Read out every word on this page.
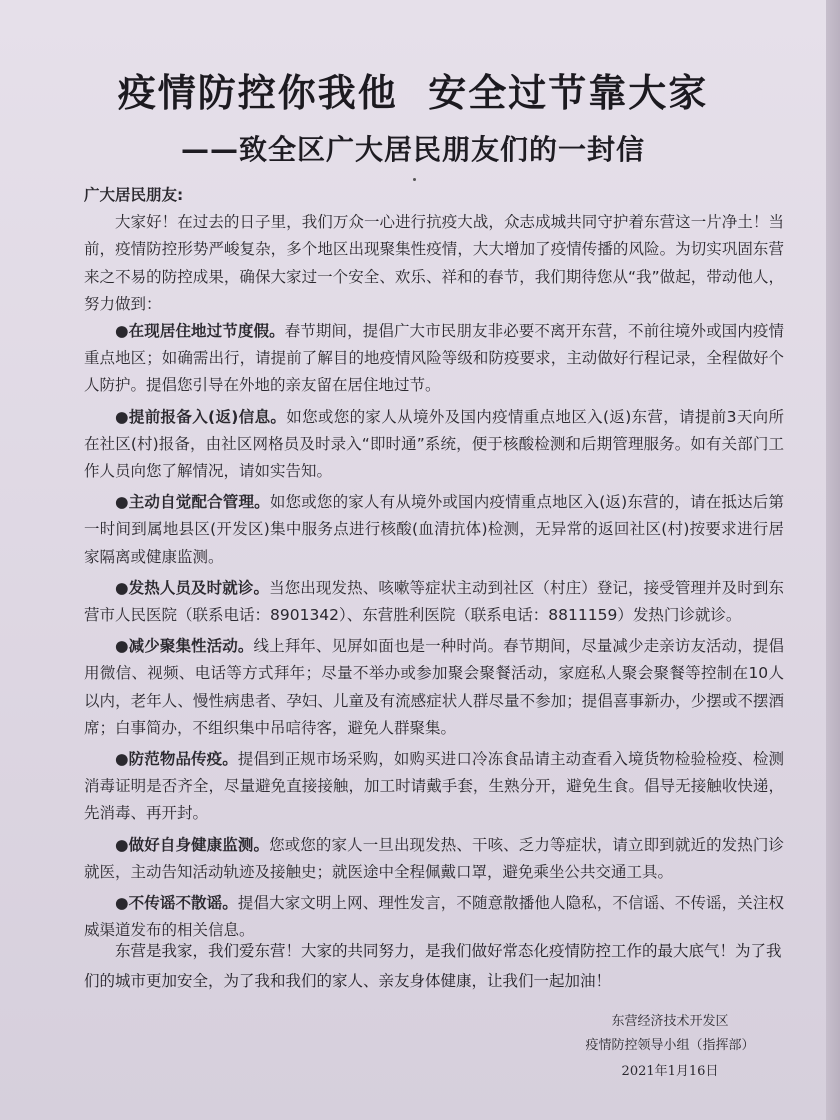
疫情防控你我他  安全过节靠大家
——致全区广大居民朋友们的一封信

广大居民朋友:

大家好！在过去的日子里，我们万众一心进行抗疫大战，众志成城共同守护着东营这一片净土！当前，疫情防控形势严峻复杂，多个地区出现聚集性疫情，大大增加了疫情传播的风险。为切实巩固东营来之不易的防控成果，确保大家过一个安全、欢乐、祥和的春节，我们期待您从“我”做起，带动他人，努力做到：

●在现居住地过节度假。春节期间，提倡广大市民朋友非必要不离开东营，不前往境外或国内疫情重点地区；如确需出行，请提前了解目的地疫情风险等级和防疫要求，主动做好行程记录，全程做好个人防护。提倡您引导在外地的亲友留在居住地过节。

●提前报备入(返)信息。如您或您的家人从境外及国内疫情重点地区入(返)东营，请提前3天向所在社区(村)报备，由社区网格员及时录入“即时通”系统，便于核酸检测和后期管理服务。如有关部门工作人员向您了解情况，请如实告知。

●主动自觉配合管理。如您或您的家人有从境外或国内疫情重点地区入(返)东营的，请在抵达后第一时间到属地县区(开发区)集中服务点进行核酸(血清抗体)检测，无异常的返回社区(村)按要求进行居家隔离或健康监测。

●发热人员及时就诊。当您出现发热、咳嗽等症状主动到社区（村庄）登记，接受管理并及时到东营市人民医院（联系电话：8901342）、东营胜利医院（联系电话：8811159）发热门诊就诊。

●减少聚集性活动。线上拜年、见屏如面也是一种时尚。春节期间，尽量减少走亲访友活动，提倡用微信、视频、电话等方式拜年；尽量不举办或参加聚会聚餐活动，家庭私人聚会聚餐等控制在10人以内，老年人、慢性病患者、孕妇、儿童及有流感症状人群尽量不参加；提倡喜事新办，少摆或不摆酒席；白事简办，不组织集中吊唁待客，避免人群聚集。

●防范物品传疫。提倡到正规市场采购，如购买进口冷冻食品请主动查看入境货物检验检疫、检测消毒证明是否齐全，尽量避免直接接触，加工时请戴手套，生熟分开，避免生食。倡导无接触收快递，先消毒、再开封。

●做好自身健康监测。您或您的家人一旦出现发热、干咳、乏力等症状，请立即到就近的发热门诊就医，主动告知活动轨迹及接触史；就医途中全程佩戴口罩，避免乘坐公共交通工具。

●不传谣不散谣。提倡大家文明上网、理性发言，不随意散播他人隐私，不信谣、不传谣，关注权威渠道发布的相关信息。

东营是我家，我们爱东营！大家的共同努力，是我们做好常态化疫情防控工作的最大底气！为了我们的城市更加安全，为了我和我们的家人、亲友身体健康，让我们一起加油！

东营经济技术开发区
疫情防控领导小组（指挥部）
2021年1月16日
